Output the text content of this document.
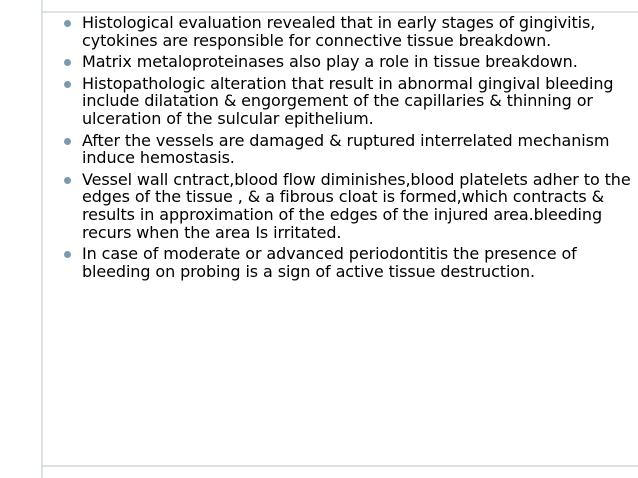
Histological evaluation revealed that in early stages of gingivitis, cytokines are responsible for connective tissue breakdown.
Matrix metaloproteinases also play a role in tissue breakdown.
Histopathologic alteration that result in abnormal gingival bleeding include dilatation & engorgement of the capillaries & thinning or ulceration of the sulcular epithelium.
After the vessels are damaged & ruptured interrelated mechanism induce hemostasis.
Vessel wall cntract,blood flow diminishes,blood platelets adher to the edges of the tissue , & a fibrous cloat is formed,which contracts & results in approximation of the edges of the injured area.bleeding recurs when the area Is irritated.
In case of moderate or advanced periodontitis the presence of bleeding on probing is a sign of active tissue destruction.
